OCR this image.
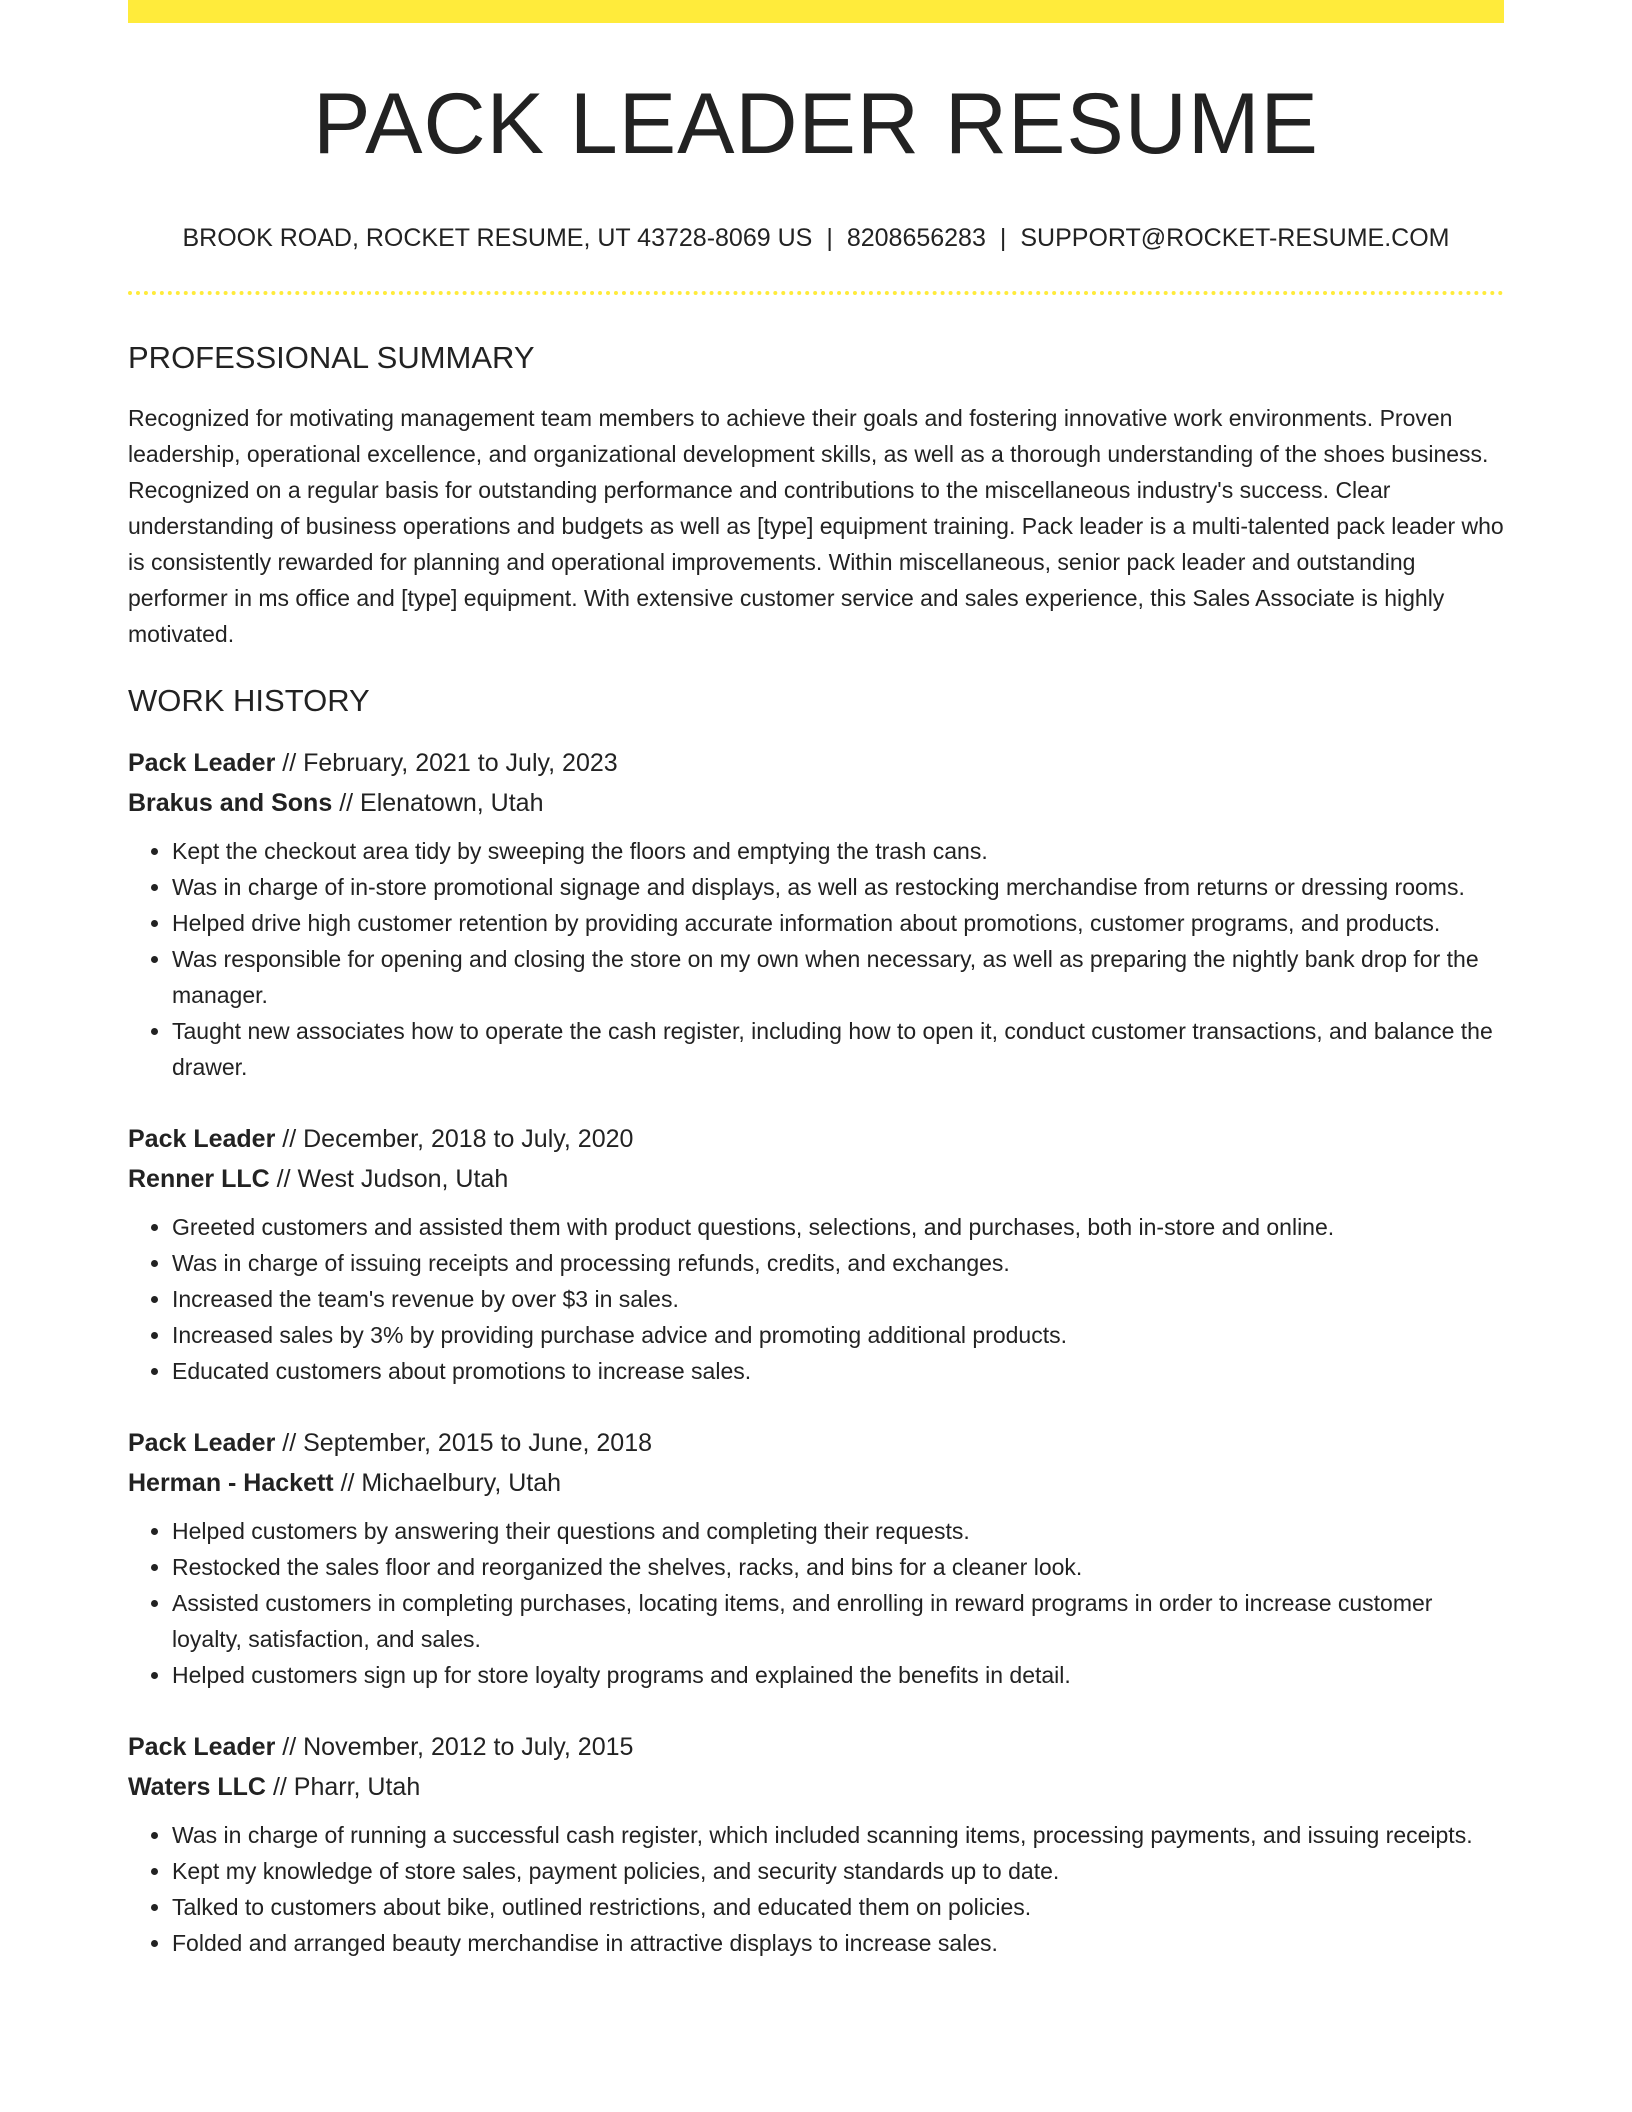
PACK LEADER RESUME
BROOK ROAD, ROCKET RESUME, UT 43728-8069 US | 8208656283 | SUPPORT@ROCKET-RESUME.COM
PROFESSIONAL SUMMARY

Recognized for motivating management team members to achieve their goals and fostering innovative work environments. Proven leadership, operational excellence, and organizational development skills, as well as a thorough understanding of the shoes business. Recognized on a regular basis for outstanding performance and contributions to the miscellaneous industry's success. Clear understanding of business operations and budgets as well as [type] equipment training. Pack leader is a multi-talented pack leader who is consistently rewarded for planning and operational improvements. Within miscellaneous, senior pack leader and outstanding performer in ms office and [type] equipment. With extensive customer service and sales experience, this Sales Associate is highly motivated.

WORK HISTORY
Pack Leader // February, 2021 to July, 2023
Brakus and Sons // Elenatown, Utah
• Kept the checkout area tidy by sweeping the floors and emptying the trash cans.
• Was in charge of in-store promotional signage and displays, as well as restocking merchandise from returns or dressing rooms.
• Helped drive high customer retention by providing accurate information about promotions, customer programs, and products.
• Was responsible for opening and closing the store on my own when necessary, as well as preparing the nightly bank drop for the manager.
• Taught new associates how to operate the cash register, including how to open it, conduct customer transactions, and balance the drawer.
Pack Leader // December, 2018 to July, 2020
Renner LLC // West Judson, Utah
• Greeted customers and assisted them with product questions, selections, and purchases, both in-store and online.
• Was in charge of issuing receipts and processing refunds, credits, and exchanges.
• Increased the team's revenue by over $3 in sales.
• Increased sales by 3% by providing purchase advice and promoting additional products.
• Educated customers about promotions to increase sales.
Pack Leader // September, 2015 to June, 2018
Herman - Hackett // Michaelbury, Utah
• Helped customers by answering their questions and completing their requests.
• Restocked the sales floor and reorganized the shelves, racks, and bins for a cleaner look.
• Assisted customers in completing purchases, locating items, and enrolling in reward programs in order to increase customer loyalty, satisfaction, and sales.
• Helped customers sign up for store loyalty programs and explained the benefits in detail.
Pack Leader // November, 2012 to July, 2015
Waters LLC // Pharr, Utah
• Was in charge of running a successful cash register, which included scanning items, processing payments, and issuing receipts.
• Kept my knowledge of store sales, payment policies, and security standards up to date.
• Talked to customers about bike, outlined restrictions, and educated them on policies.
• Folded and arranged beauty merchandise in attractive displays to increase sales.
